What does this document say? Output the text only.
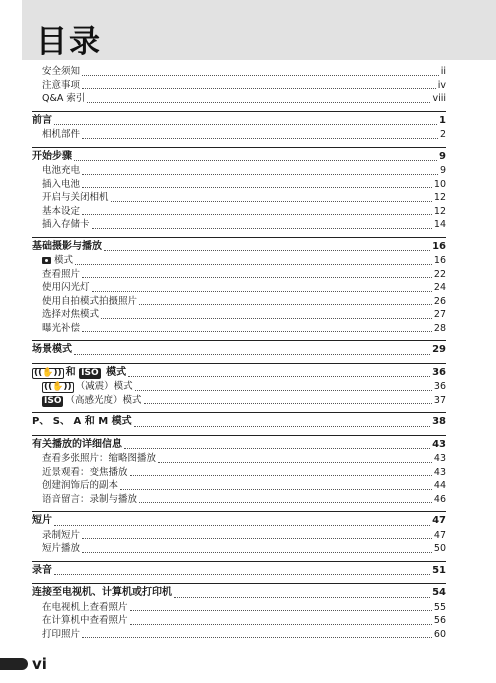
目录
安全须知	ii
注意事项	iv
Q&A 索引	viii
前言	1
相机部件	2
开始步骤	9
电池充电	9
插入电池	10
开启与关闭相机	12
基本设定	12
插入存储卡	14
基础摄影与播放	16
模式	16
查看照片	22
使用闪光灯	24
使用自拍模式拍摄照片	26
选择对焦模式	27
曝光补偿	28
场景模式	29
((✋)) 和 ISO 模式	36
((✋)) （减震）模式	36
ISO （高感光度）模式	37
P、 S、 A 和 M 模式	38
有关播放的详细信息	43
查看多张照片：缩略图播放	43
近景观看：变焦播放	43
创建润饰后的副本	44
语音留言：录制与播放	46
短片	47
录制短片	47
短片播放	50
录音	51
连接至电视机、计算机或打印机	54
在电视机上查看照片	55
在计算机中查看照片	56
打印照片	60
vi
